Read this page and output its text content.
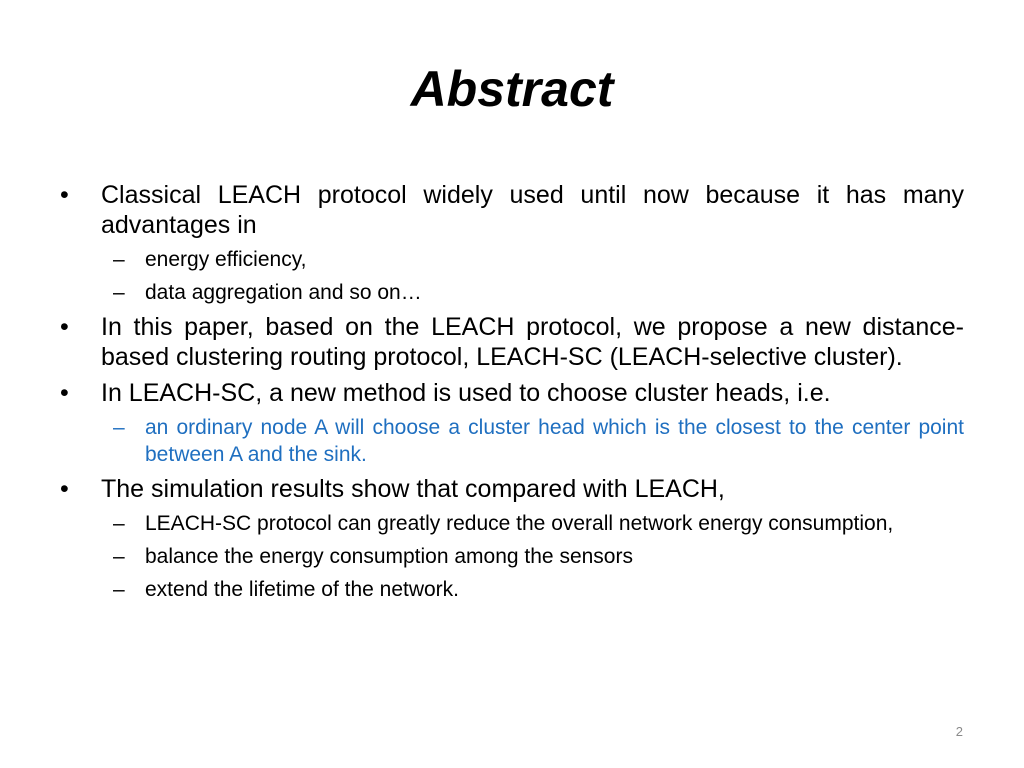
Abstract
•	Classical LEACH protocol widely used until now because it has many advantages in
– energy efficiency,
– data aggregation and so on…
•	In this paper, based on the LEACH protocol, we propose a new distance-based clustering routing protocol, LEACH-SC (LEACH-selective cluster).
•	In LEACH-SC, a new method is used to choose cluster heads, i.e.
– an ordinary node A will choose a cluster head which is the closest to the center point between A and the sink.
•	The simulation results show that compared with LEACH,
– LEACH-SC protocol can greatly reduce the overall network energy consumption,
– balance the energy consumption among the sensors
– extend the lifetime of the network.
2
